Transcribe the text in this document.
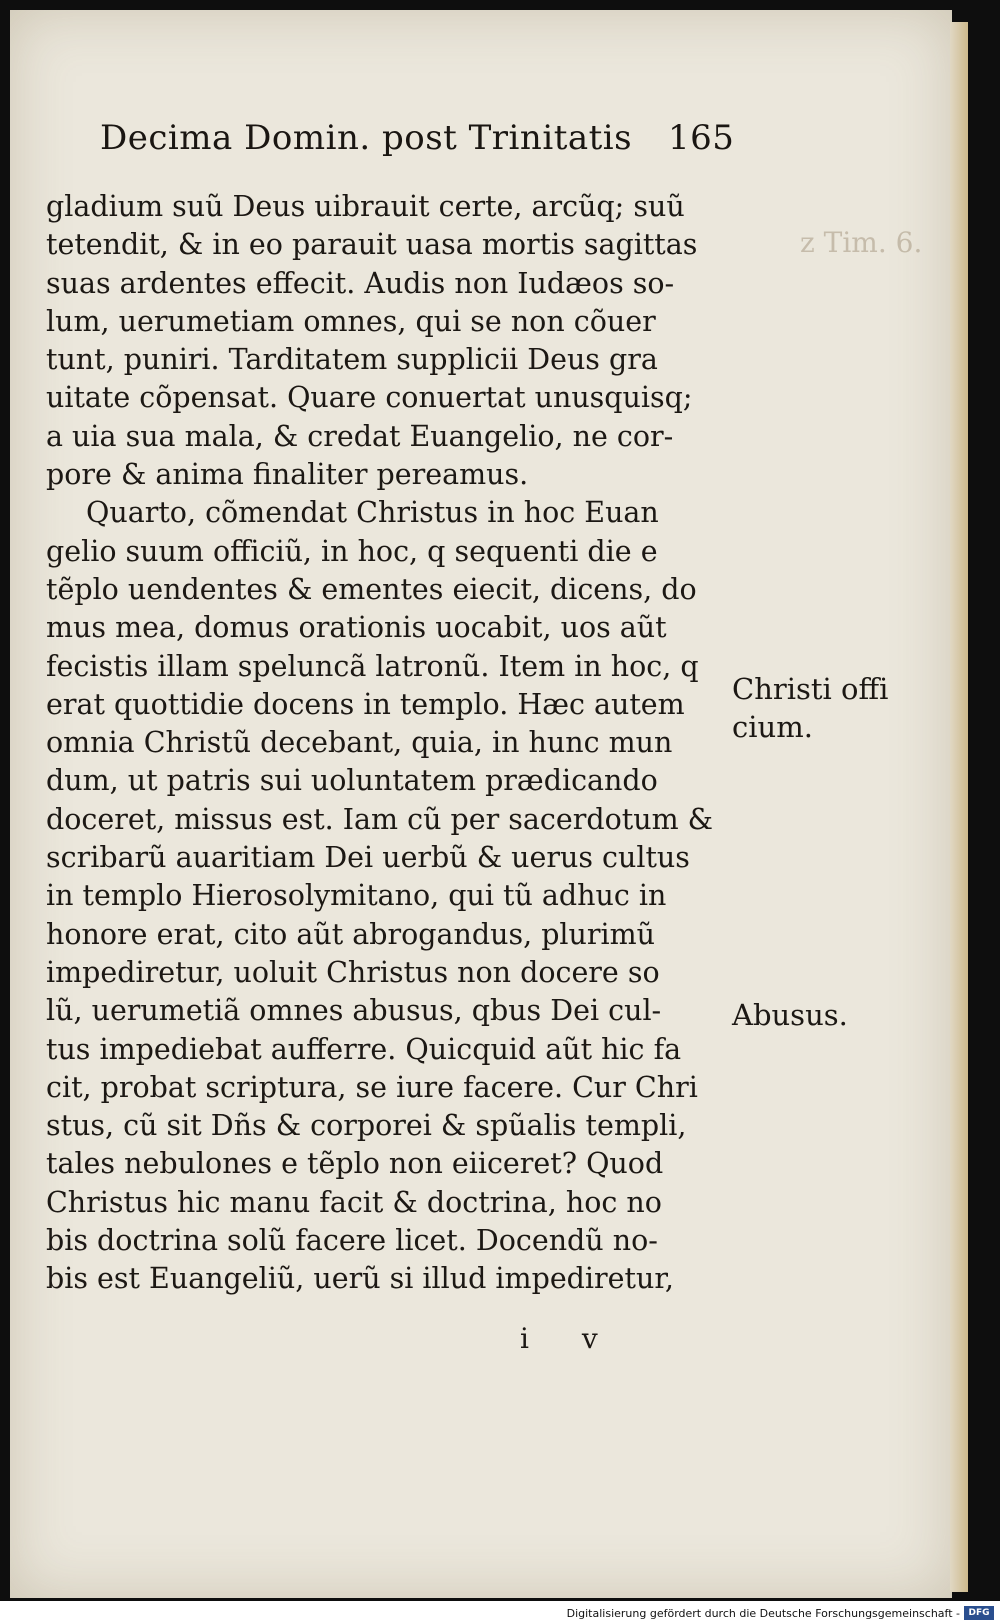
Decima Domin. post Trinitatis 165
z Tim. 6.
gladium suũ Deus uibrauit certe, arcũq; suũ
tetendit, & in eo parauit uasa mortis sagittas
suas ardentes effecit. Audis non Iudæos so-
lum, uerumetiam omnes, qui se non cõuer
tunt, puniri. Tarditatem supplicii Deus gra
uitate cõpensat. Quare conuertat unusquisq;
a uia sua mala, & credat Euangelio, ne cor-
pore & anima finaliter pereamus.
Quarto, cõmendat Christus in hoc Euan
gelio suum officiũ, in hoc, q sequenti die e
tẽplo uendentes & ementes eiecit, dicens, do
mus mea, domus orationis uocabit, uos aũt
fecistis illam speluncã latronũ. Item in hoc, q
erat quottidie docens in templo. Hæc autem
omnia Christũ decebant, quia, in hunc mun
dum, ut patris sui uoluntatem prædicando
doceret, missus est. Iam cũ per sacerdotum &
scribarũ auaritiam Dei uerbũ & uerus cultus
in templo Hierosolymitano, qui tũ adhuc in
honore erat, cito aũt abrogandus, plurimũ
impediretur, uoluit Christus non docere so
lũ, uerumetiã omnes abusus, qbus Dei cul-
tus impediebat aufferre. Quicquid aũt hic fa
cit, probat scriptura, se iure facere. Cur Chri
stus, cũ sit Dñs & corporei & spũalis templi,
tales nebulones e tẽplo non eiiceret? Quod
Christus hic manu facit & doctrina, hoc no
bis doctrina solũ facere licet. Docendũ no-
bis est Euangeliũ, uerũ si illud impediretur,
Christi offi
cium.
Abusus.
i v
Digitalisierung gefördert durch die Deutsche Forschungsgemeinschaft - DFG
